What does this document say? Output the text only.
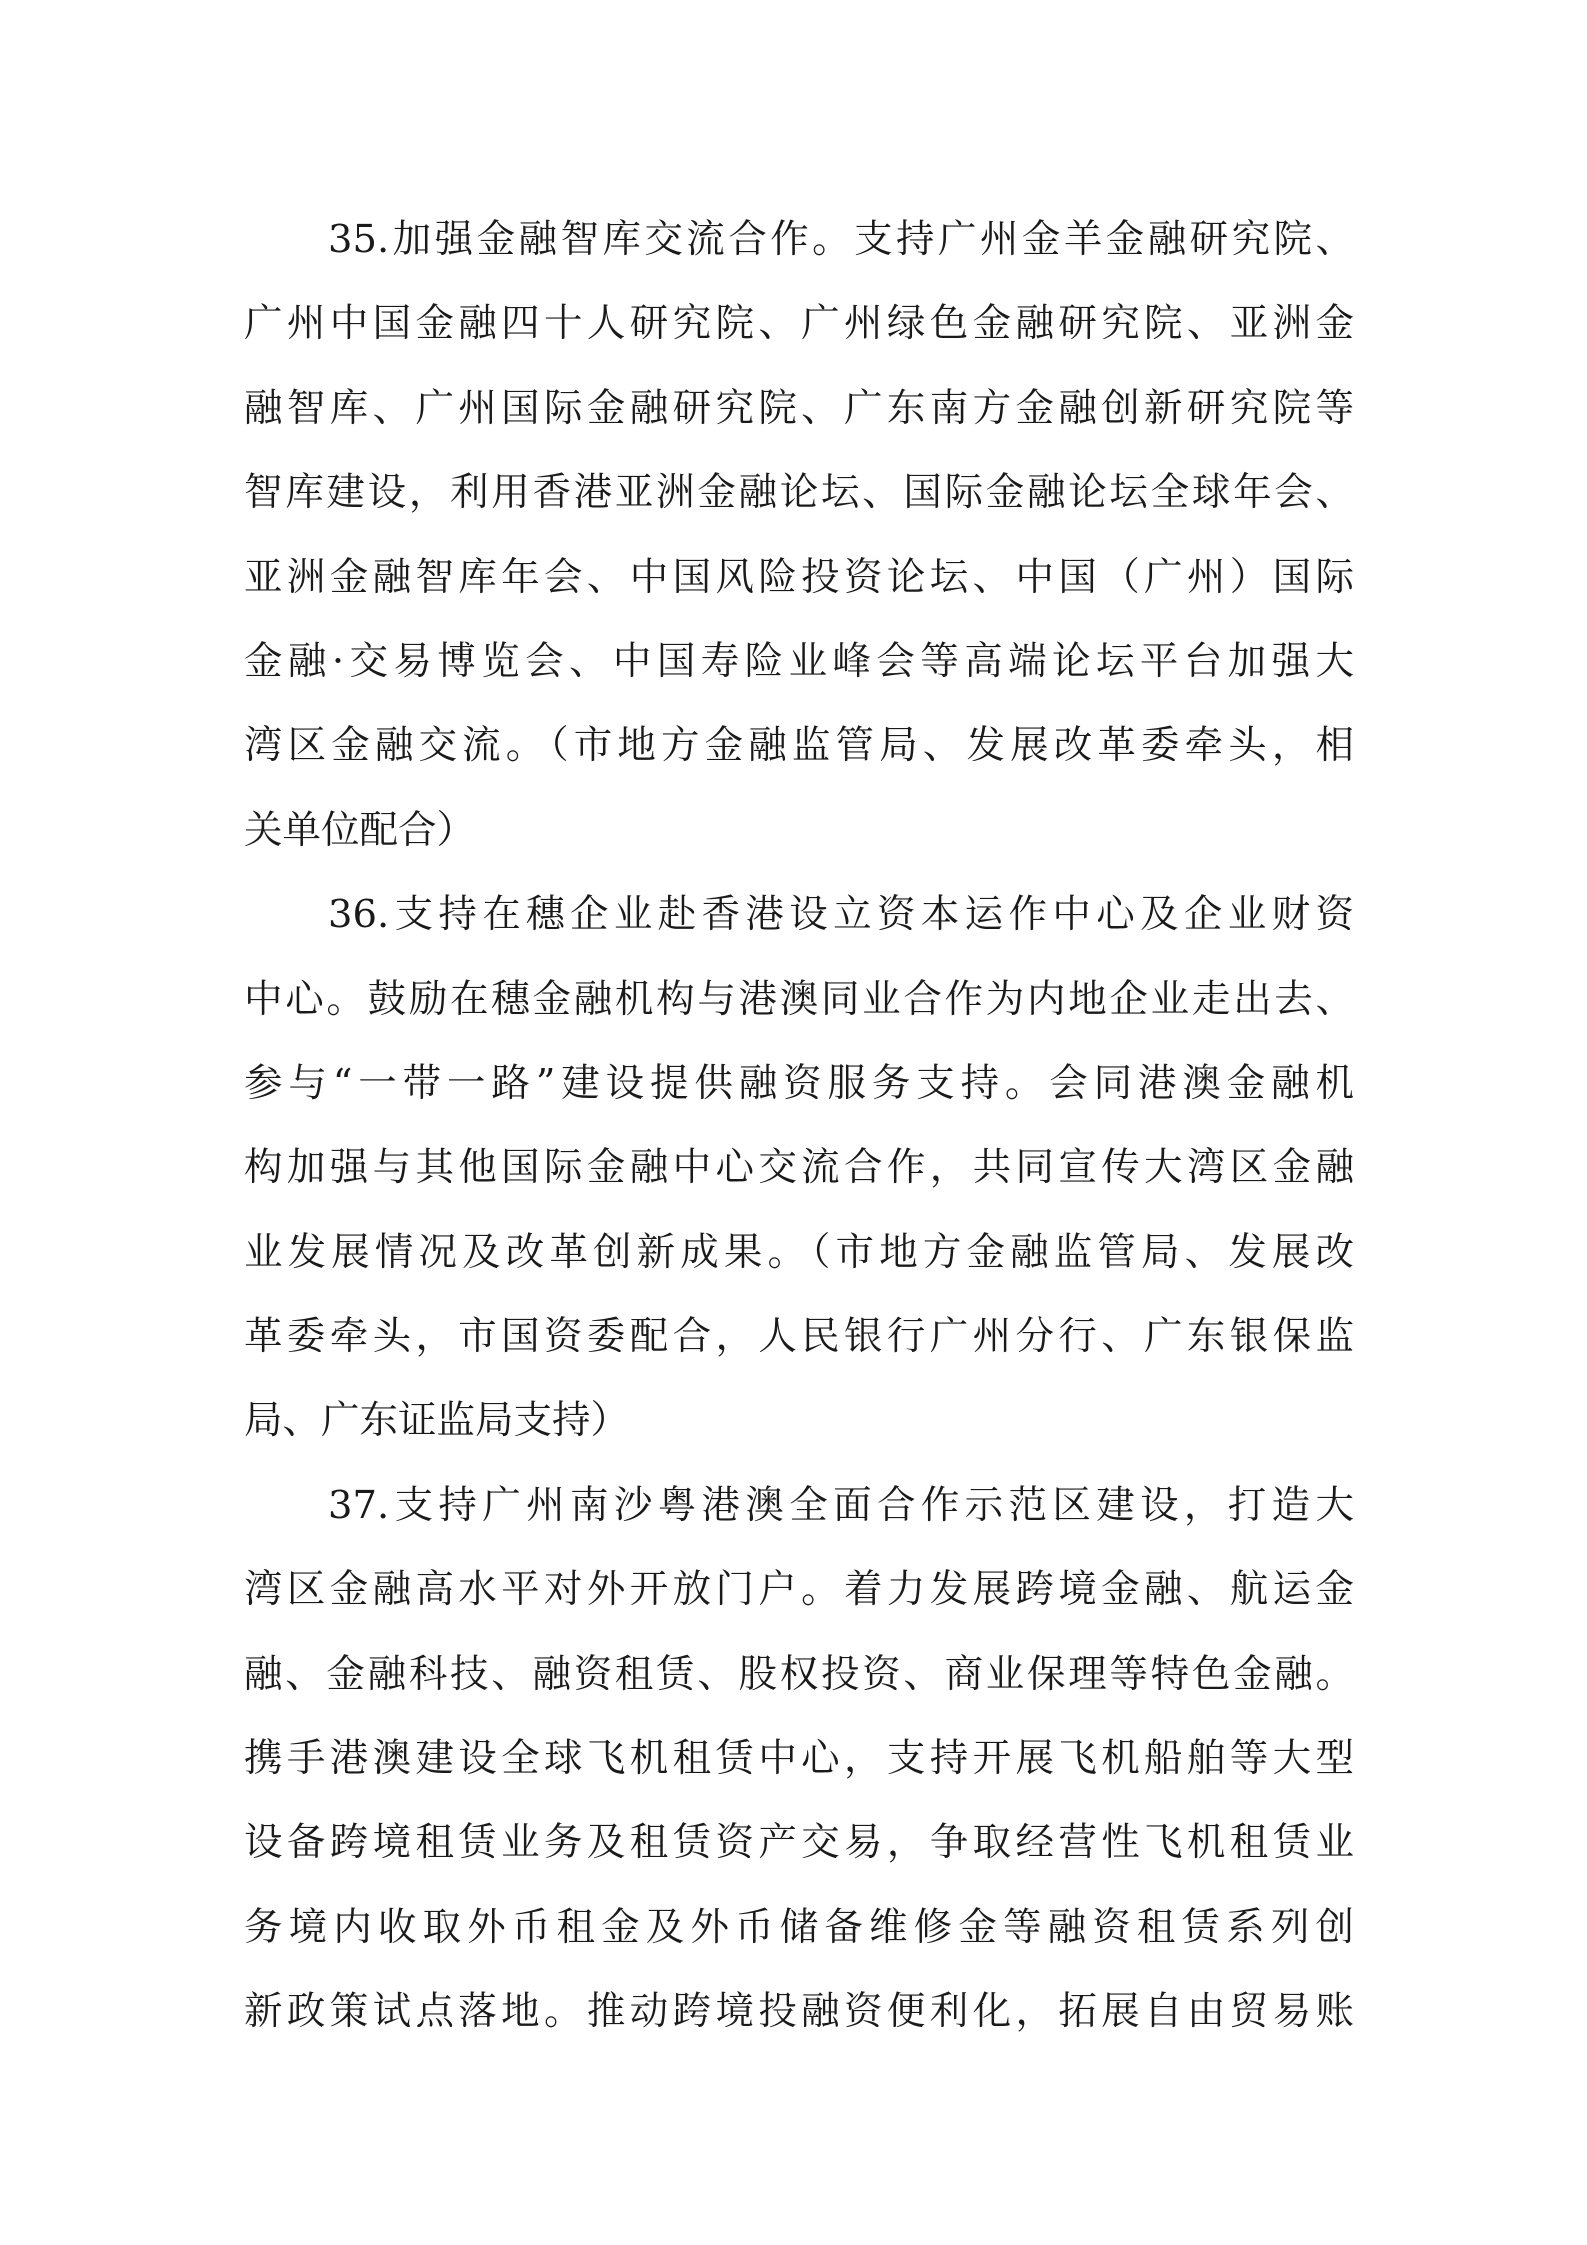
35.加强金融智库交流合作。支持广州金羊金融研究院、
广州中国金融四十人研究院、广州绿色金融研究院、亚洲金
融智库、广州国际金融研究院、广东南方金融创新研究院等
智库建设，利用香港亚洲金融论坛、国际金融论坛全球年会、
亚洲金融智库年会、中国风险投资论坛、中国（广州）国际
金融·交易博览会、中国寿险业峰会等高端论坛平台加强大
湾区金融交流。（市地方金融监管局、发展改革委牵头，相
关单位配合）
36.支持在穗企业赴香港设立资本运作中心及企业财资
中心。鼓励在穗金融机构与港澳同业合作为内地企业走出去、
参与“一带一路”建设提供融资服务支持。会同港澳金融机
构加强与其他国际金融中心交流合作，共同宣传大湾区金融
业发展情况及改革创新成果。（市地方金融监管局、发展改
革委牵头，市国资委配合，人民银行广州分行、广东银保监
局、广东证监局支持）
37.支持广州南沙粤港澳全面合作示范区建设，打造大
湾区金融高水平对外开放门户。着力发展跨境金融、航运金
融、金融科技、融资租赁、股权投资、商业保理等特色金融。
携手港澳建设全球飞机租赁中心，支持开展飞机船舶等大型
设备跨境租赁业务及租赁资产交易，争取经营性飞机租赁业
务境内收取外币租金及外币储备维修金等融资租赁系列创
新政策试点落地。推动跨境投融资便利化，拓展自由贸易账
